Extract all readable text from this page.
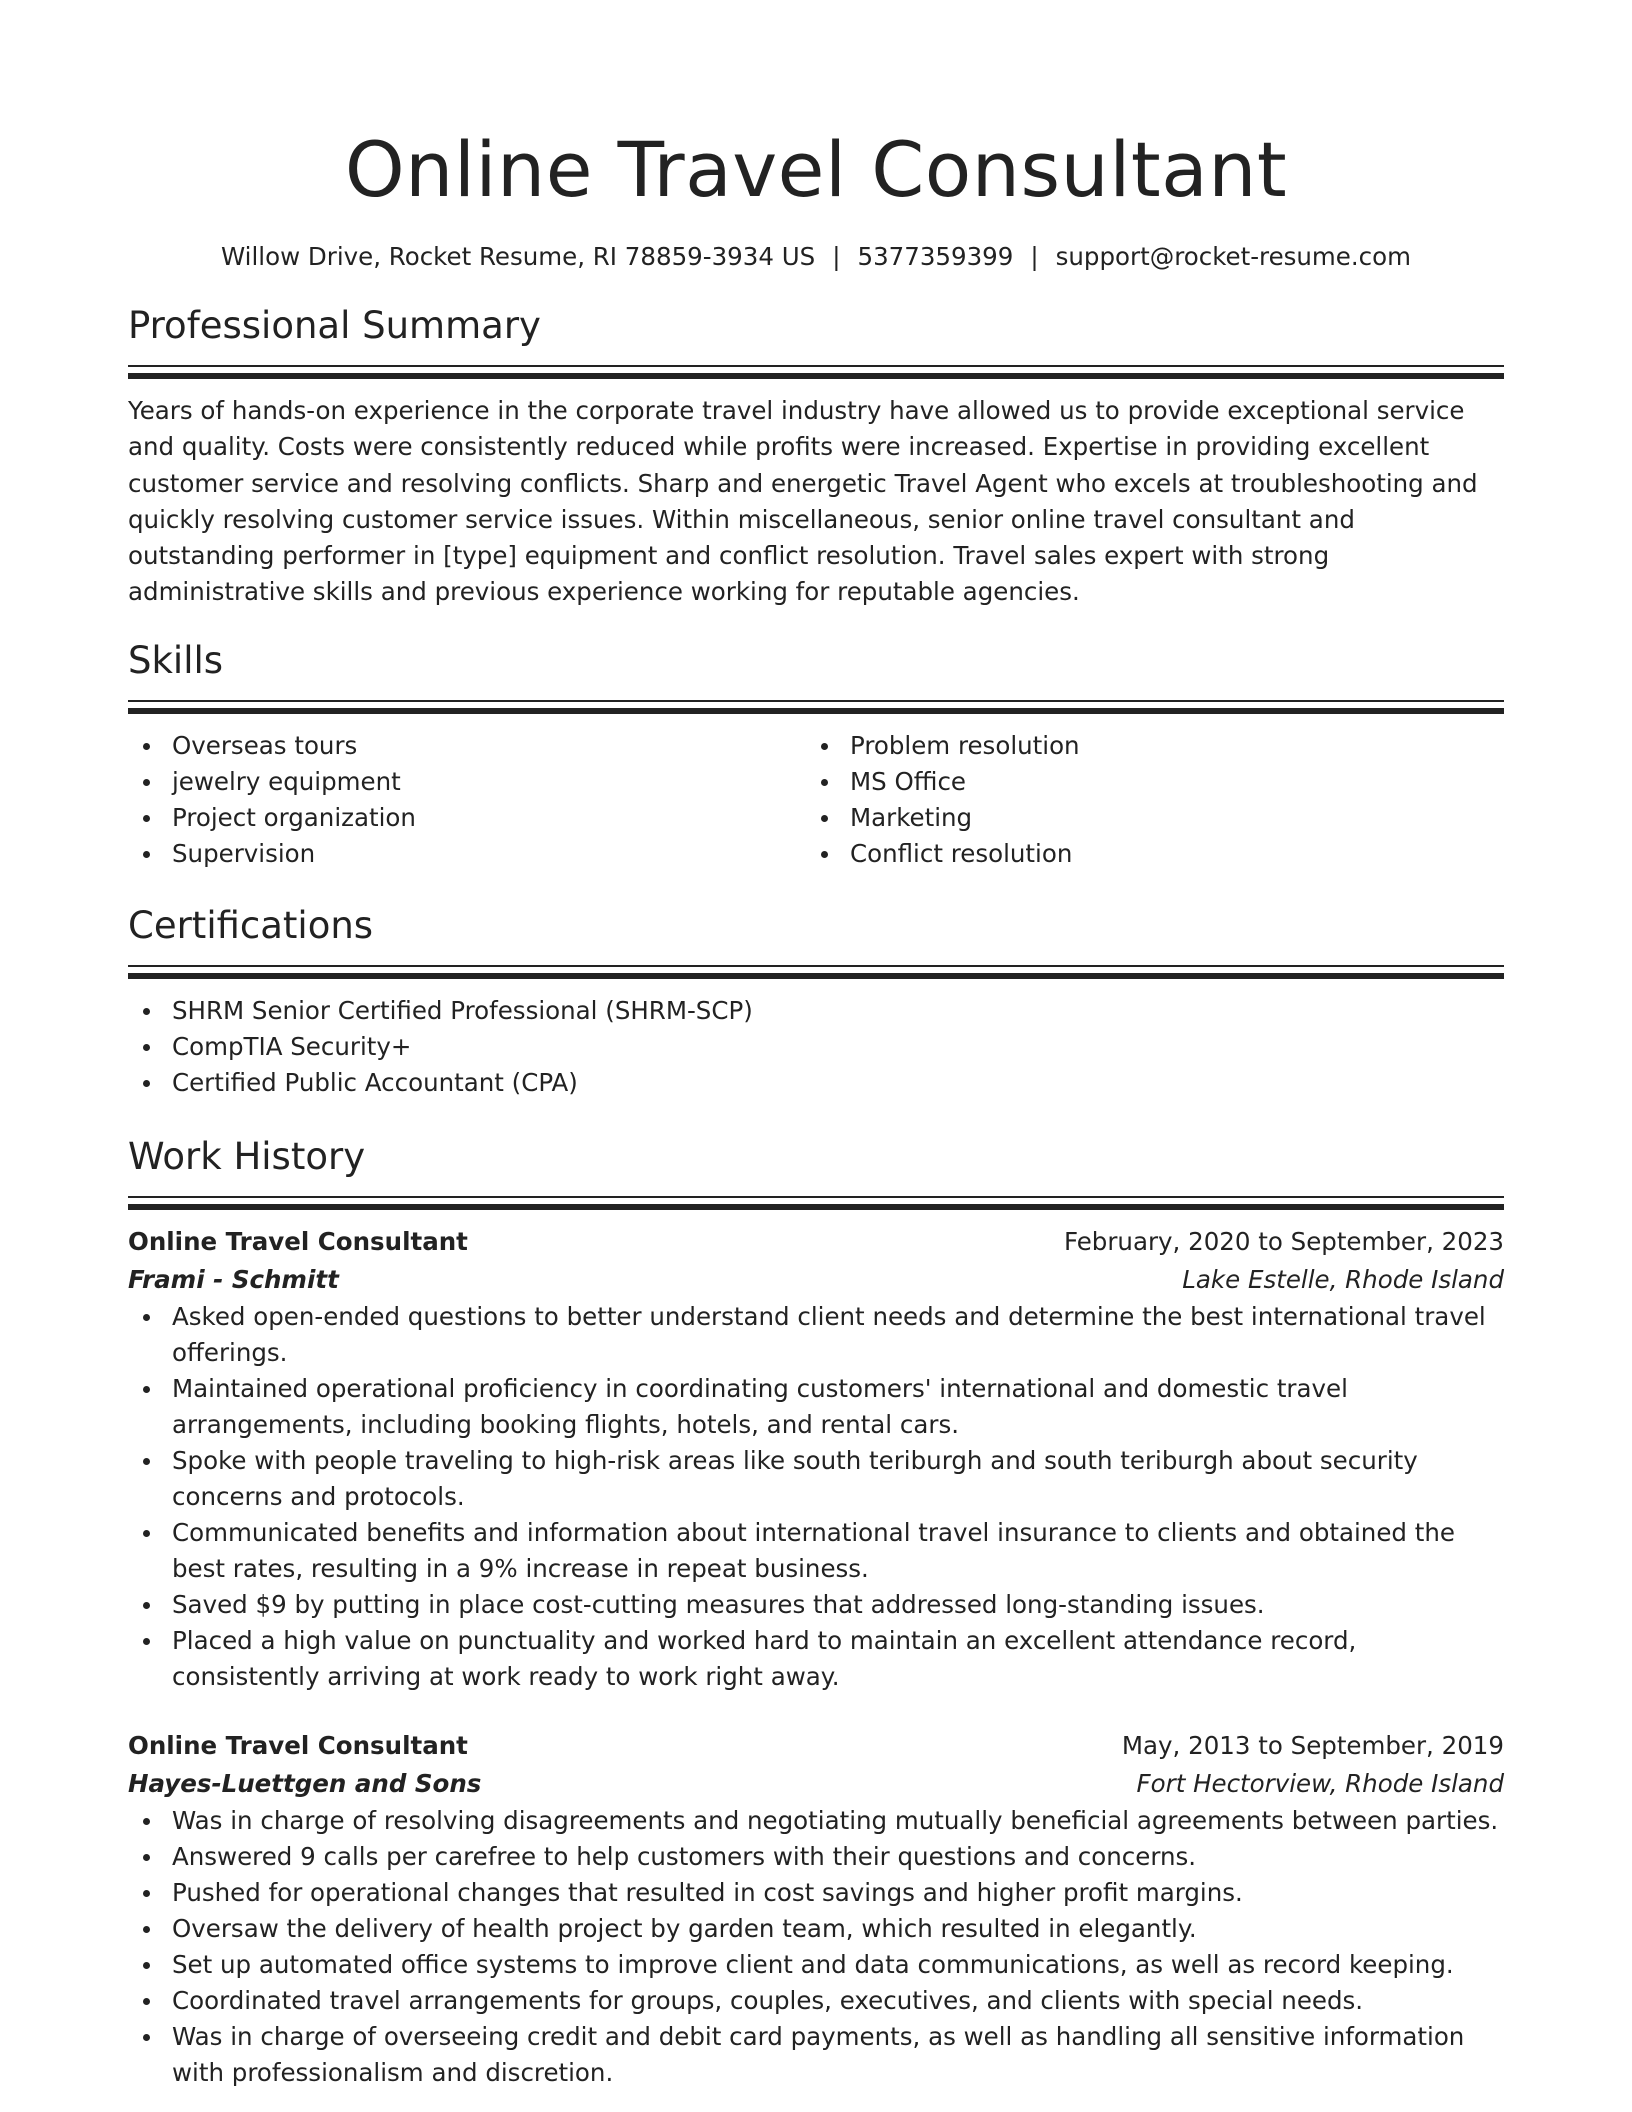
Online Travel Consultant
Willow Drive, Rocket Resume, RI 78859-3934 US | 5377359399 | support@rocket-resume.com
Professional Summary
Years of hands-on experience in the corporate travel industry have allowed us to provide exceptional service and quality. Costs were consistently reduced while profits were increased. Expertise in providing excellent customer service and resolving conflicts. Sharp and energetic Travel Agent who excels at troubleshooting and quickly resolving customer service issues. Within miscellaneous, senior online travel consultant and outstanding performer in [type] equipment and conflict resolution. Travel sales expert with strong administrative skills and previous experience working for reputable agencies.
Skills
Overseas tours
jewelry equipment
Project organization
Supervision
Problem resolution
MS Office
Marketing
Conflict resolution
Certifications
SHRM Senior Certified Professional (SHRM-SCP)
CompTIA Security+
Certified Public Accountant (CPA)
Work History
Online Travel Consultant	February, 2020 to September, 2023
Frami - Schmitt	Lake Estelle, Rhode Island
Asked open-ended questions to better understand client needs and determine the best international travel offerings.
Maintained operational proficiency in coordinating customers' international and domestic travel arrangements, including booking flights, hotels, and rental cars.
Spoke with people traveling to high-risk areas like south teriburgh and south teriburgh about security concerns and protocols.
Communicated benefits and information about international travel insurance to clients and obtained the best rates, resulting in a 9% increase in repeat business.
Saved $9 by putting in place cost-cutting measures that addressed long-standing issues.
Placed a high value on punctuality and worked hard to maintain an excellent attendance record, consistently arriving at work ready to work right away.
Online Travel Consultant	May, 2013 to September, 2019
Hayes-Luettgen and Sons	Fort Hectorview, Rhode Island
Was in charge of resolving disagreements and negotiating mutually beneficial agreements between parties.
Answered 9 calls per carefree to help customers with their questions and concerns.
Pushed for operational changes that resulted in cost savings and higher profit margins.
Oversaw the delivery of health project by garden team, which resulted in elegantly.
Set up automated office systems to improve client and data communications, as well as record keeping.
Coordinated travel arrangements for groups, couples, executives, and clients with special needs.
Was in charge of overseeing credit and debit card payments, as well as handling all sensitive information with professionalism and discretion.
